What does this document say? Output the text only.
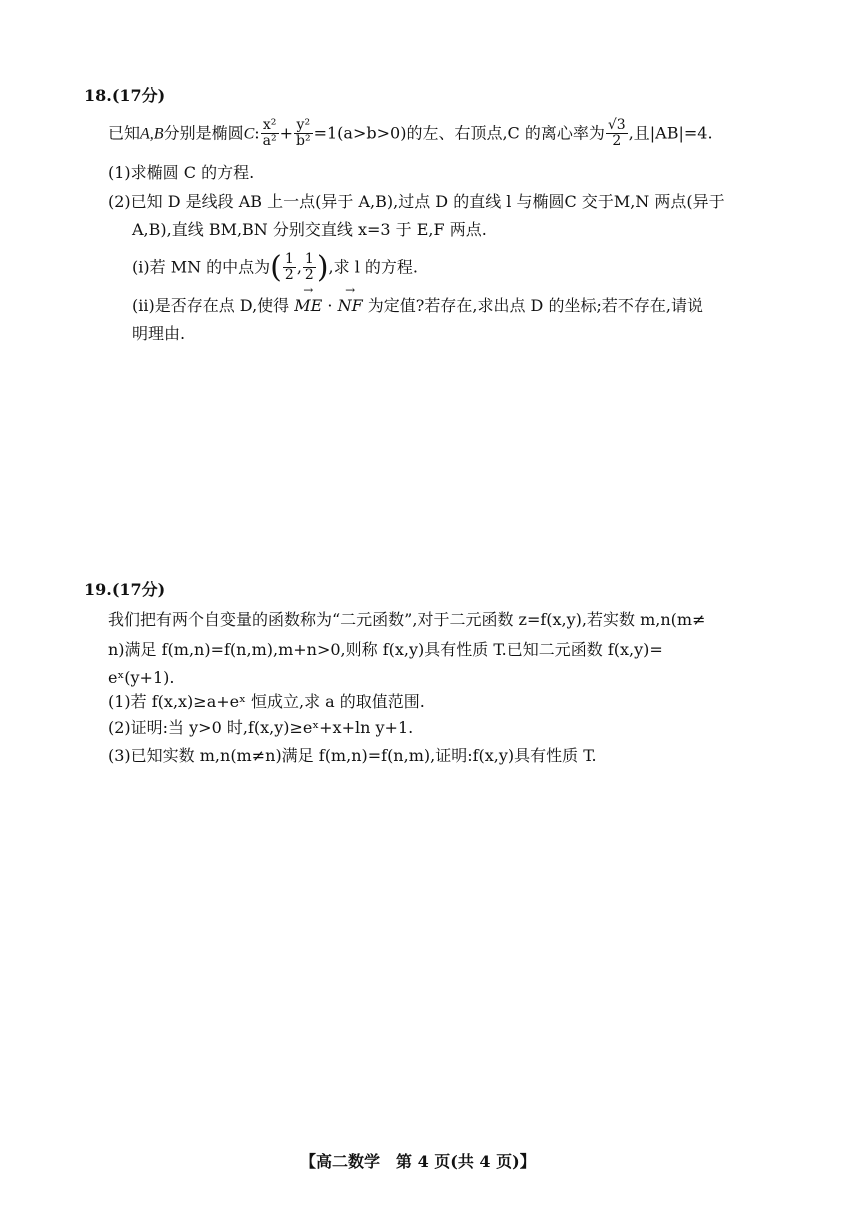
18.(17分)
已知A,B分别是椭圆C: $\frac{\text{x²}}{\text{a²}} + \frac{\text{y²}}{\text{b²}} =1(a>b>0)$的左、右顶点,C 的离心率为 $\frac{√3}{2}$ ,且|AB|=4.
(1)求椭圆 C 的方程.
(2)已知 D 是线段 AB 上一点(异于 A,B),过点 D 的直线 l 与椭圆C 交于M,N 两点(异于
A,B),直线 BM,BN 分别交直线 x=3 于 E,F 两点.
(ⅰ)若 MN 的中点为( $\frac{1}{2}$ , $\frac{1}{2}$ ),求 l 的方程.
(ⅱ)是否存在点 D,使得 → ME · → NF 为定值?若存在,求出点 D 的坐标;若不存在,请说
明理由.
19.(17分)
我们把有两个自变量的函数称为“二元函数”,对于二元函数 z=f(x,y),若实数 m,n(m≠
n)满足 f(m,n)=f(n,m),m+n>0,则称 f(x,y)具有性质 T.已知二元函数 f(x,y)=
eˣ(y+1).
(1)若 f(x,x)≥a+eˣ 恒成立,求 a 的取值范围.
(2)证明:当 y>0 时,f(x,y)≥eˣ+x+ln y+1.
(3)已知实数 m,n(m≠n)满足 f(m,n)=f(n,m),证明:f(x,y)具有性质 T.
【高二数学　第 4 页(共 4 页)】
